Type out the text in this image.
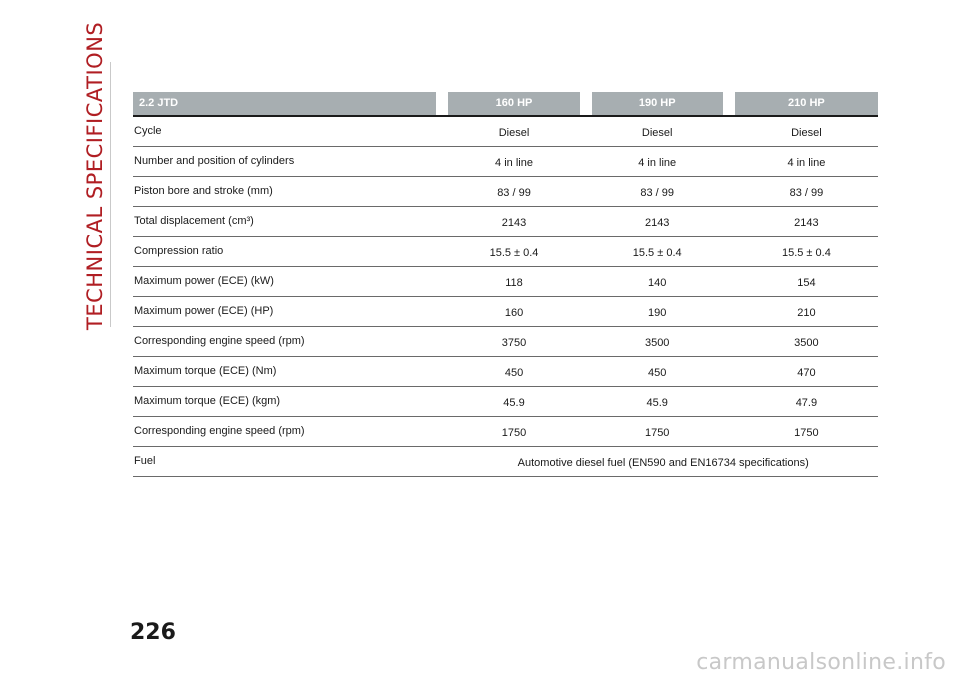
TECHNICAL SPECIFICATIONS	2.2 JTD	160 HP	190 HP	210 HP

Cycle	Diesel	Diesel	Diesel
Number and position of cylinders	4 in line	4 in line	4 in line
Piston bore and stroke (mm)	83 / 99	83 / 99	83 / 99
Total displacement (cm³)	2143	2143	2143
Compression ratio	15.5 ± 0.4	15.5 ± 0.4	15.5 ± 0.4
Maximum power (ECE) (kW)	118	140	154
Maximum power (ECE) (HP)	160	190	210
Corresponding engine speed (rpm)	3750	3500	3500
Maximum torque (ECE) (Nm)	450	450	470
Maximum torque (ECE) (kgm)	45.9	45.9	47.9
Corresponding engine speed (rpm)	1750	1750	1750
Fuel	Automotive diesel fuel (EN590 and EN16734 specifications)		
226
carmanualsonline.info
